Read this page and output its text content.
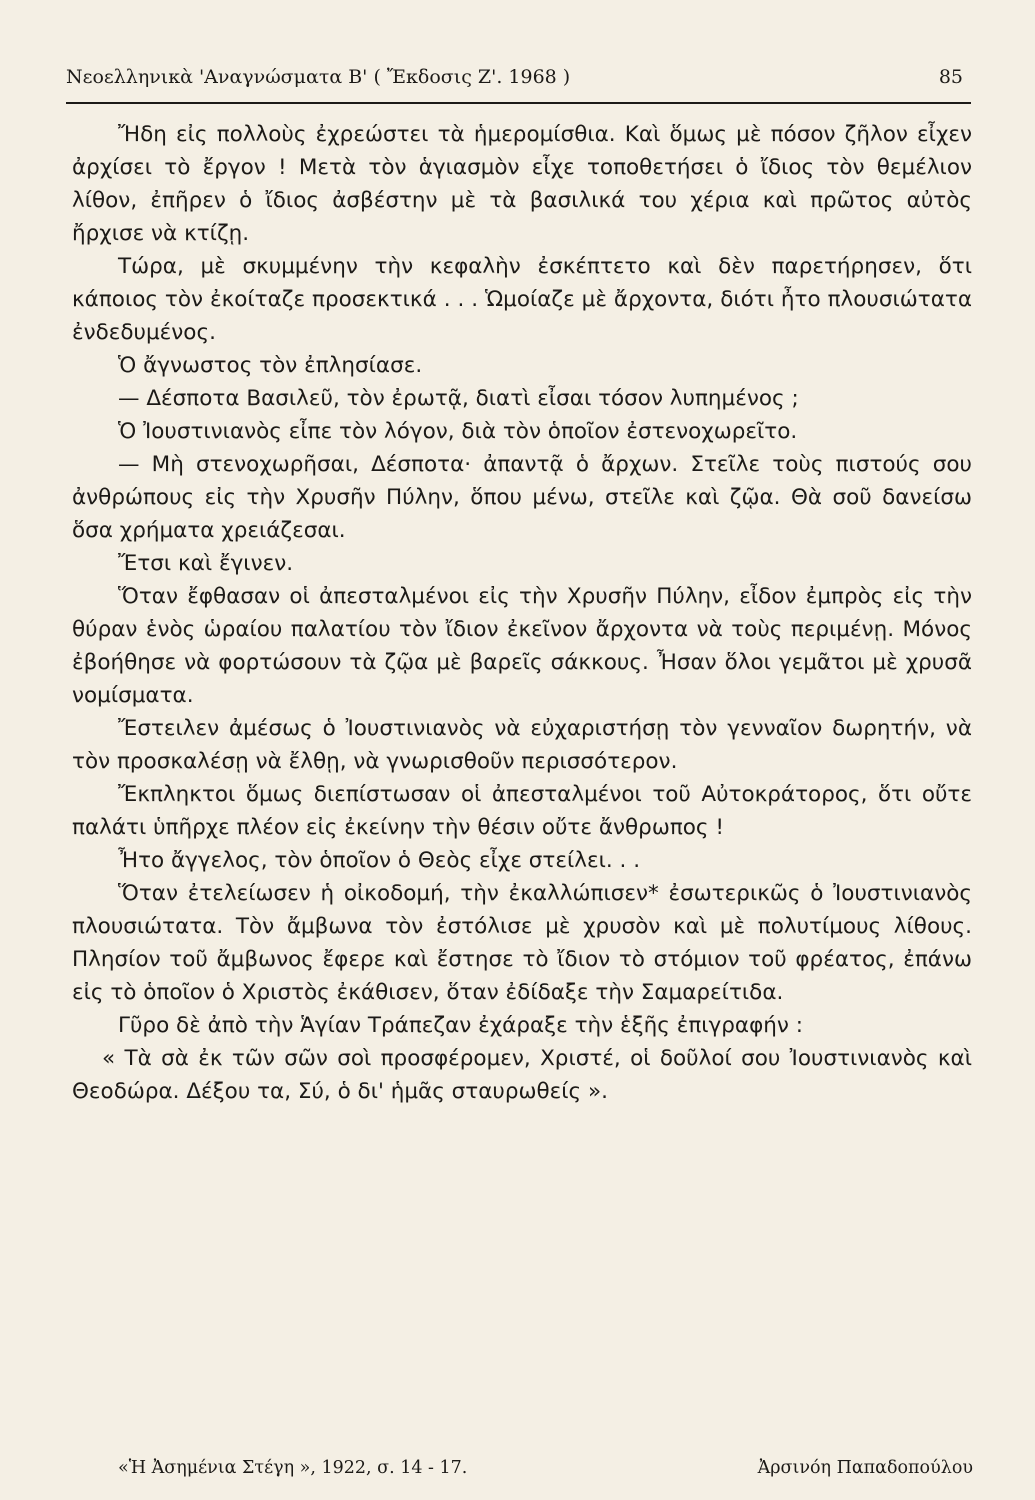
Νεοελληνικὰ 'Αναγνώσματα Β' ( Ἔκδοσις Ζ'. 1968 )	85

Ἤδη εἰς πολλοὺς ἐχρεώστει τὰ ἡμερομίσθια. Καὶ ὅμως μὲ πόσον ζῆλον εἶχεν ἀρχίσει τὸ ἔργον ! Μετὰ τὸν ἁγιασμὸν εἶχε τοποθετήσει ὁ ἴδιος τὸν θεμέλιον λίθον, ἐπῆρεν ὁ ἴδιος ἀσβέστην μὲ τὰ βασιλικά του χέρια καὶ πρῶτος αὐτὸς ἤρχισε νὰ κτίζῃ.

Τώρα, μὲ σκυμμένην τὴν κεφαλὴν ἐσκέπτετο καὶ δὲν παρετήρησεν, ὅτι κάποιος τὸν ἐκοίταζε προσεκτικά . . . Ὡμοίαζε μὲ ἄρχοντα, διότι ἦτο πλουσιώτατα ἐνδεδυμένος.

Ὁ ἄγνωστος τὸν ἐπλησίασε.

— Δέσποτα Βασιλεῦ, τὸν ἐρωτᾷ, διατὶ εἶσαι τόσον λυπημένος ;

Ὁ Ἰουστινιανὸς εἶπε τὸν λόγον, διὰ τὸν ὁποῖον ἐστενοχωρεῖτο.

— Μὴ στενοχωρῆσαι, Δέσποτα· ἀπαντᾷ ὁ ἄρχων. Στεῖλε τοὺς πιστούς σου ἀνθρώπους εἰς τὴν Χρυσῆν Πύλην, ὅπου μένω, στεῖλε καὶ ζῷα. Θὰ σοῦ δανείσω ὅσα χρήματα χρειάζεσαι.

Ἔτσι καὶ ἔγινεν.

Ὅταν ἔφθασαν οἱ ἀπεσταλμένοι εἰς τὴν Χρυσῆν Πύλην, εἶδον ἐμπρὸς εἰς τὴν θύραν ἑνὸς ὡραίου παλατίου τὸν ἴδιον ἐκεῖνον ἄρχοντα νὰ τοὺς περιμένῃ. Μόνος ἐβοήθησε νὰ φορτώσουν τὰ ζῷα μὲ βαρεῖς σάκκους. Ἦσαν ὅλοι γεμᾶτοι μὲ χρυσᾶ νομίσματα.

Ἔστειλεν ἀμέσως ὁ Ἰουστινιανὸς νὰ εὐχαριστήσῃ τὸν γενναῖον δωρητήν, νὰ τὸν προσκαλέσῃ νὰ ἔλθῃ, νὰ γνωρισθοῦν περισσότερον.

Ἔκπληκτοι ὅμως διεπίστωσαν οἱ ἀπεσταλμένοι τοῦ Αὐτοκράτορος, ὅτι οὔτε παλάτι ὑπῆρχε πλέον εἰς ἐκείνην τὴν θέσιν οὔτε ἄνθρωπος !

Ἦτο ἄγγελος, τὸν ὁποῖον ὁ Θεὸς εἶχε στείλει. . .

Ὅταν ἐτελείωσεν ἡ οἰκοδομή, τὴν ἐκαλλώπισεν* ἐσωτερικῶς ὁ Ἰουστινιανὸς πλουσιώτατα. Τὸν ἄμβωνα τὸν ἐστόλισε μὲ χρυσὸν καὶ μὲ πολυτίμους λίθους. Πλησίον τοῦ ἄμβωνος ἔφερε καὶ ἔστησε τὸ ἴδιον τὸ στόμιον τοῦ φρέατος, ἐπάνω εἰς τὸ ὁποῖον ὁ Χριστὸς ἐκάθισεν, ὅταν ἐδίδαξε τὴν Σαμαρείτιδα.

Γῦρο δὲ ἀπὸ τὴν Ἁγίαν Τράπεζαν ἐχάραξε τὴν ἑξῆς ἐπιγραφήν :

« Τὰ σὰ ἐκ τῶν σῶν σοὶ προσφέρομεν, Χριστέ, οἱ δοῦλοί σου Ἰουστινιανὸς καὶ Θεοδώρα. Δέξου τα, Σύ, ὁ δι' ἡμᾶς σταυρωθείς ».

«Ἡ Ἀσημένια Στέγη », 1922, σ. 14 - 17.	Ἀρσινόη Παπαδοπούλου
